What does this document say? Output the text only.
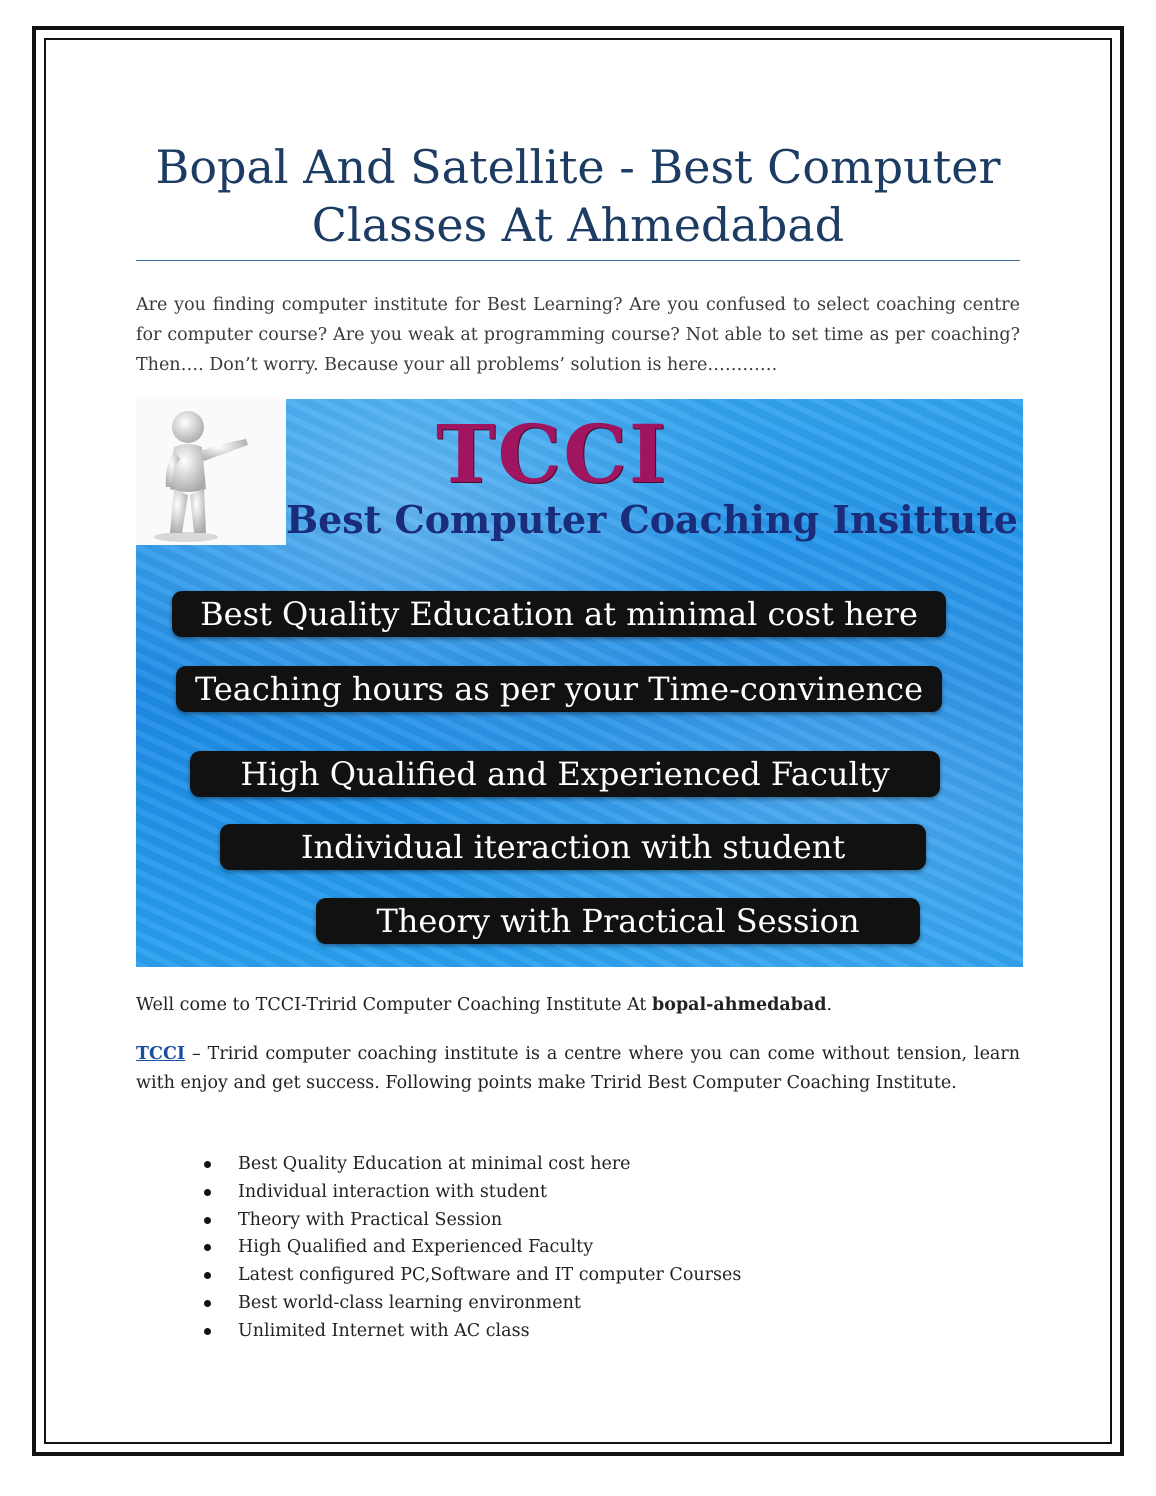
Bopal And Satellite - Best Computer Classes At Ahmedabad

Are you finding computer institute for Best Learning? Are you confused to select coaching centre for computer course? Are you weak at programming course? Not able to set time as per coaching? Then…. Don’t worry. Because your all problems’ solution is here…………

TCCI
Best Computer Coaching Insittute
Best Quality Education at minimal cost here
Teaching hours as per your Time-convinence
High Qualified and Experienced Faculty
Individual iteraction with student
Theory with Practical Session

Well come to TCCI-Tririd Computer Coaching Institute At bopal-ahmedabad.

TCCI – Tririd computer coaching institute is a centre where you can come without tension, learn with enjoy and get success. Following points make Tririd Best Computer Coaching Institute.

Best Quality Education at minimal cost here
Individual interaction with student
Theory with Practical Session
High Qualified and Experienced Faculty
Latest configured PC,Software and IT computer Courses
Best world-class learning environment
Unlimited Internet with AC class
